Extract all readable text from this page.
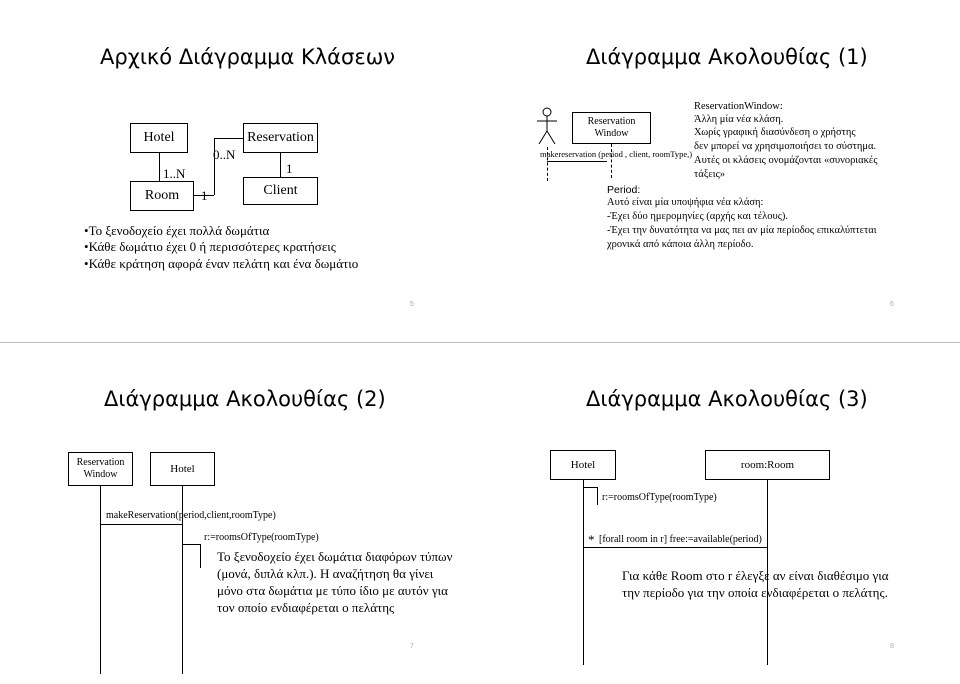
Αρχικό Διάγραμμα Κλάσεων
Hotel
Room
Reservation
Client
1..N
1
0..N
1
•Το ξενοδοχείο έχει πολλά δωμάτια
•Κάθε δωμάτιο έχει 0 ή περισσότερες κρατήσεις
•Κάθε κράτηση αφορά έναν πελάτη και ένα δωμάτιο
5
Διάγραμμα Ακολουθίας (1)
Reservation
Window
makereservation (period , client, roomType,)
ReservationWindow:
Άλλη μία νέα κλάση.
Χωρίς γραφική διασύνδεση ο χρήστης
δεν μπορεί να χρησιμοποιήσει το σύστημα.
Αυτές οι κλάσεις ονομάζονται «συνοριακές
τάξεις»
Period:
Αυτό είναι μία υποψήφια νέα κλάση:
-Έχει δύο ημερομηνίες (αρχής και τέλους).
-Έχει την δυνατότητα να μας πει αν μία περίοδος επικαλύπτεται
χρονικά από κάποια άλλη περίοδο.
6
Διάγραμμα Ακολουθίας (2)
Reservation
Window	Hotel
makeReservation(period,client,roomType)
r:=roomsOfType(roomType)
Το ξενοδοχείο έχει δωμάτια διαφόρων τύπων (μονά, διπλά κλπ.). Η αναζήτηση θα γίνει μόνο στα δωμάτια με τύπο ίδιο με αυτόν για τον οποίο ενδιαφέρεται ο πελάτης
7
Διάγραμμα Ακολουθίας (3)
Hotel	room:Room
r:=roomsOfType(roomType)
* [forall room in r] free:=available(period)
Για κάθε Room στο r έλεγξε αν είναι διαθέσιμο για την περίοδο για την οποία ενδιαφέρεται ο πελάτης.
8
